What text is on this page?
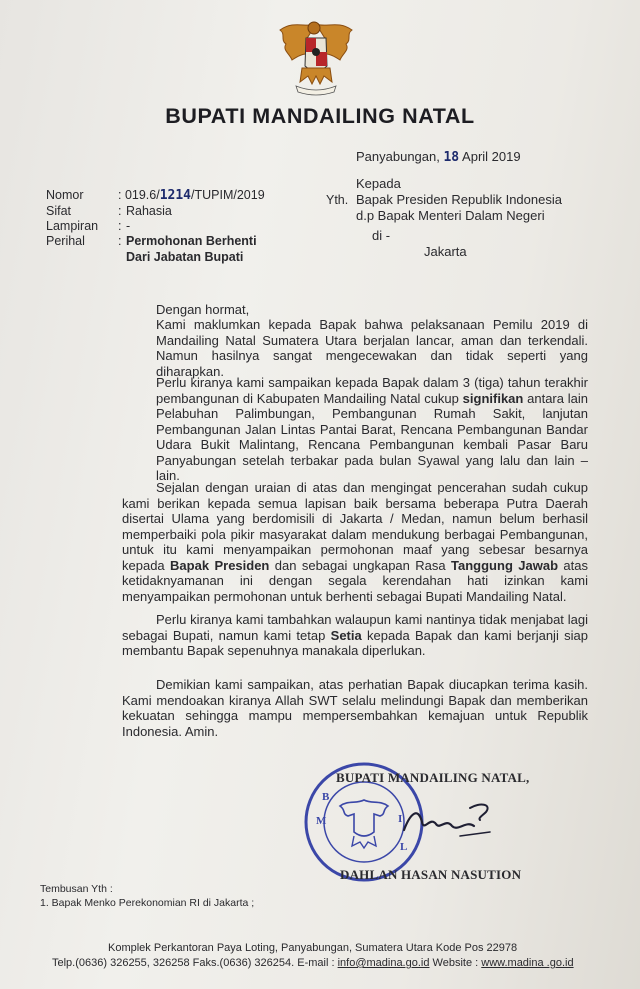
BUPATI MANDAILING NATAL
Panyabungan, 18 April 2019
Nomor	: 019.6/1214/TUPIM/2019
Sifat	: Rahasia
Lampiran : -
Perihal	: Permohonan Berhenti
Dari Jabatan Bupati
Kepada
Bapak Presiden Republik Indonesia
d.p Bapak Menteri Dalam Negeri
Yth.
di -
Jakarta
Dengan hormat,
Kami maklumkan kepada Bapak bahwa pelaksanaan Pemilu 2019 di Mandailing Natal Sumatera Utara berjalan lancar, aman dan terkendali. Namun hasilnya sangat mengecewakan dan tidak seperti yang diharapkan.
Perlu kiranya kami sampaikan kepada Bapak dalam 3 (tiga) tahun terakhir pembangunan di Kabupaten Mandailing Natal cukup signifikan antara lain Pelabuhan Palimbungan, Pembangunan Rumah Sakit, lanjutan Pembangunan Jalan Lintas Pantai Barat, Rencana Pembangunan Bandar Udara Bukit Malintang, Rencana Pembangunan kembali Pasar Baru Panyabungan setelah terbakar pada bulan Syawal yang lalu dan lain – lain.
Sejalan dengan uraian di atas dan mengingat pencerahan sudah cukup kami berikan kepada semua lapisan baik bersama beberapa Putra Daerah disertai Ulama yang berdomisili di Jakarta / Medan, namun belum berhasil memperbaiki pola pikir masyarakat dalam mendukung berbagai Pembangunan, untuk itu kami menyampaikan permohonan maaf yang sebesar besarnya kepada Bapak Presiden dan sebagai ungkapan Rasa Tanggung Jawab atas ketidaknyamanan ini dengan segala kerendahan hati izinkan kami menyampaikan permohonan untuk berhenti sebagai Bupati Mandailing Natal.
Perlu kiranya kami tambahkan walaupun kami nantinya tidak menjabat lagi sebagai Bupati, namun kami tetap Setia kepada Bapak dan kami berjanji siap membantu Bapak sepenuhnya manakala diperlukan.
Demikian kami sampaikan, atas perhatian Bapak diucapkan terima kasih. Kami mendoakan kiranya Allah SWT selalu melindungi Bapak dan memberikan kekuatan sehingga mampu mempersembahkan kemajuan untuk Republik Indonesia. Amin.
B
M	I
L
BUPATI MANDAILING NATAL,
DAHLAN HASAN NASUTION
Tembusan Yth :
1. Bapak Menko Perekonomian RI di Jakarta ;
Komplek Perkantoran Paya Loting, Panyabungan, Sumatera Utara Kode Pos 22978
Telp.(0636) 326255, 326258 Faks.(0636) 326254. E-mail : info@madina.go.id Website : www.madina .go.id
